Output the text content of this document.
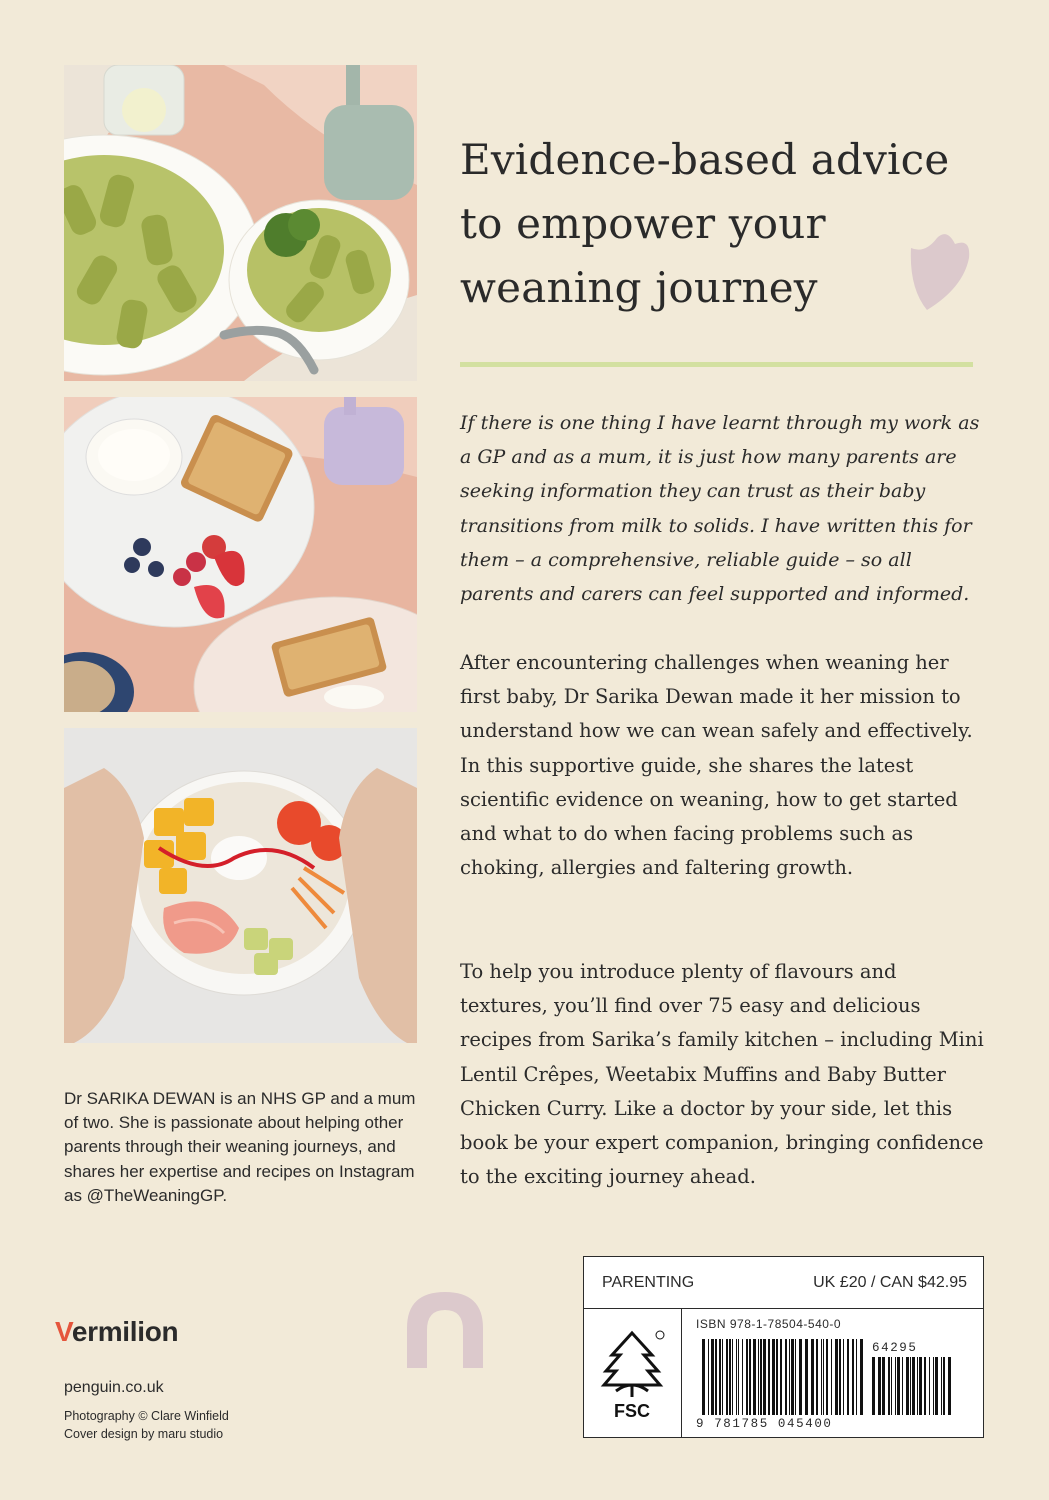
Evidence-based advice
to empower your
weaning journey

If there is one thing I have learnt through my work as a GP and as a mum, it is just how many parents are seeking information they can trust as their baby transitions from milk to solids. I have written this for them – a comprehensive, reliable guide – so all parents and carers can feel supported and informed.

After encountering challenges when weaning her first baby, Dr Sarika Dewan made it her mission to understand how we can wean safely and effectively. In this supportive guide, she shares the latest scientific evidence on weaning, how to get started and what to do when facing problems such as choking, allergies and faltering growth.

To help you introduce plenty of flavours and textures, you’ll find over 75 easy and delicious recipes from Sarika’s family kitchen – including Mini Lentil Crêpes, Weetabix Muffins and Baby Butter Chicken Curry. Like a doctor by your side, let this book be your expert companion, bringing confidence to the exciting journey ahead.

Dr SARIKA DEWAN is an NHS GP and a mum of two. She is passionate about helping other parents through their weaning journeys, and shares her expertise and recipes on Instagram as @TheWeaningGP.

Vermilion
penguin.co.uk
Photography © Clare Winfield
Cover design by maru studio
PARENTING	UK £20 / CAN $42.95
FSC
ISBN 978-1-78504-540-0
64295
9 781785 045400
